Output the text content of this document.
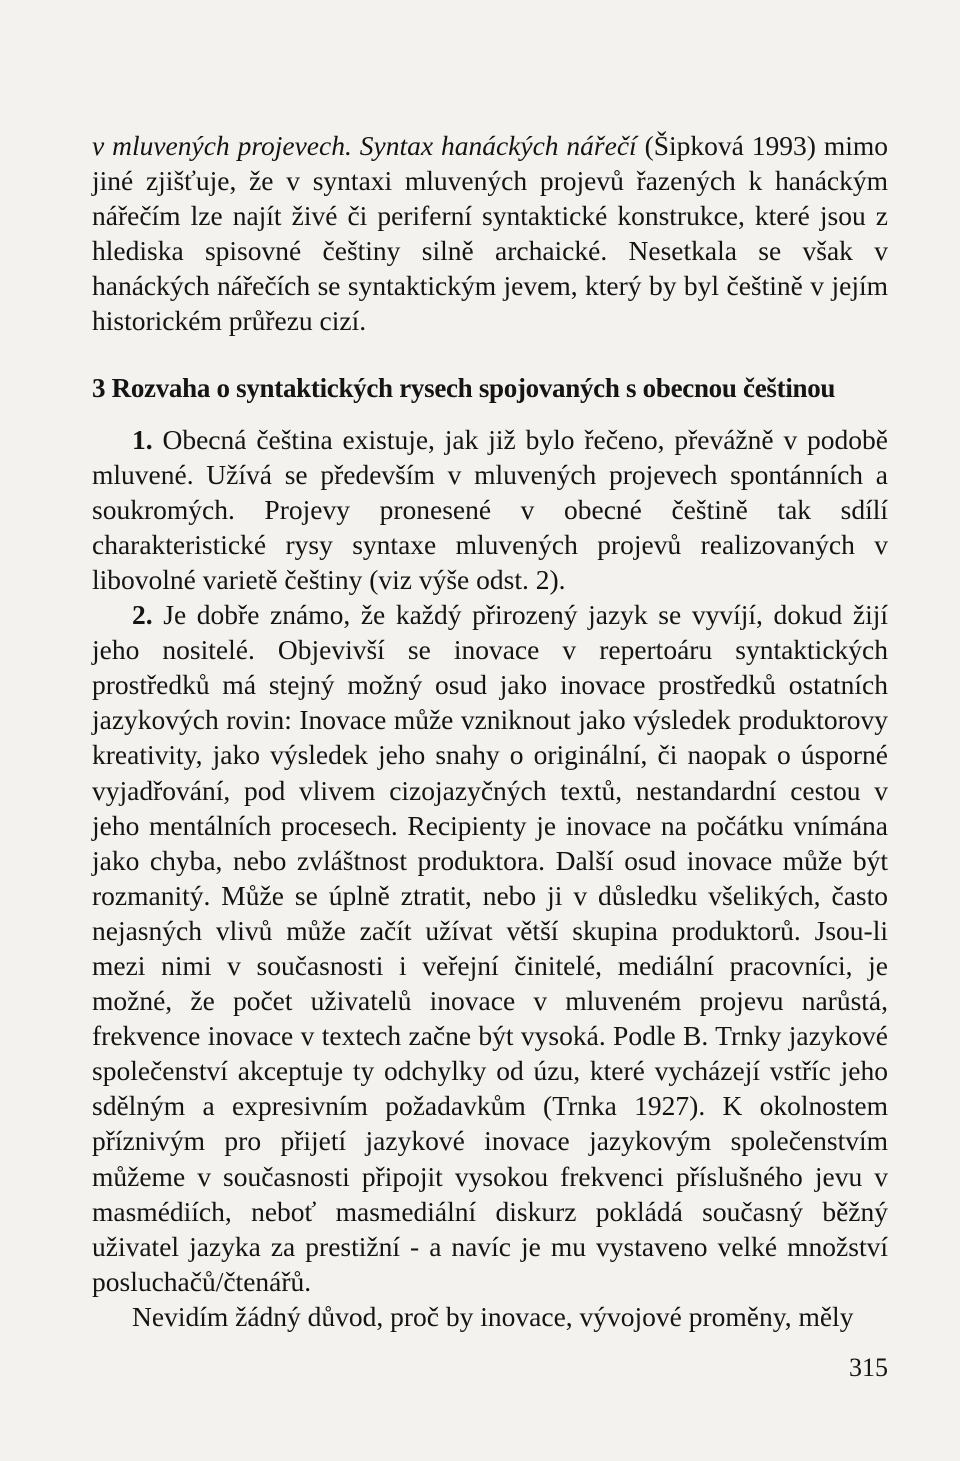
v mluvených projevech. Syntax hanáckých nářečí (Šipková 1993) mimo jiné zjišťuje, že v syntaxi mluvených projevů řazených k hanáckým nářečím lze najít živé či periferní syntaktické konstrukce, které jsou z hlediska spisovné češtiny silně archaické. Nesetkala se však v hanáckých nářečích se syntaktickým jevem, který by byl češtině v jejím historickém průřezu cizí.

3 Rozvaha o syntaktických rysech spojovaných s obecnou češtinou

1. Obecná čeština existuje, jak již bylo řečeno, převážně v podobě mluvené. Užívá se především v mluvených projevech spontánních a soukromých. Projevy pronesené v obecné češtině tak sdílí charakteristické rysy syntaxe mluvených projevů realizovaných v libovolné varietě češtiny (viz výše odst. 2).

2. Je dobře známo, že každý přirozený jazyk se vyvíjí, dokud žijí jeho nositelé. Objevivší se inovace v repertoáru syntaktických prostředků má stejný možný osud jako inovace prostředků ostatních jazykových rovin: Inovace může vzniknout jako výsledek produktorovy kreativity, jako výsledek jeho snahy o originální, či naopak o úsporné vyjadřování, pod vlivem cizojazyčných textů, nestandardní cestou v jeho mentálních procesech. Recipienty je inovace na počátku vnímána jako chyba, nebo zvláštnost produktora. Další osud inovace může být rozmanitý. Může se úplně ztratit, nebo ji v důsledku všelikých, často nejasných vlivů může začít užívat větší skupina produktorů. Jsou-li mezi nimi v současnosti i veřejní činitelé, mediální pracovníci, je možné, že počet uživatelů inovace v mluveném projevu narůstá, frekvence inovace v textech začne být vysoká. Podle B. Trnky jazykové společenství akceptuje ty odchylky od úzu, které vycházejí vstříc jeho sdělným a expresivním požadavkům (Trnka 1927). K okolnostem příznivým pro přijetí jazykové inovace jazykovým společenstvím můžeme v současnosti připojit vysokou frekvenci příslušného jevu v masmédiích, neboť masmediální diskurz pokládá současný běžný uživatel jazyka za prestižní - a navíc je mu vystaveno velké množství posluchačů/čtenářů.

Nevidím žádný důvod, proč by inovace, vývojové proměny, měly

315
